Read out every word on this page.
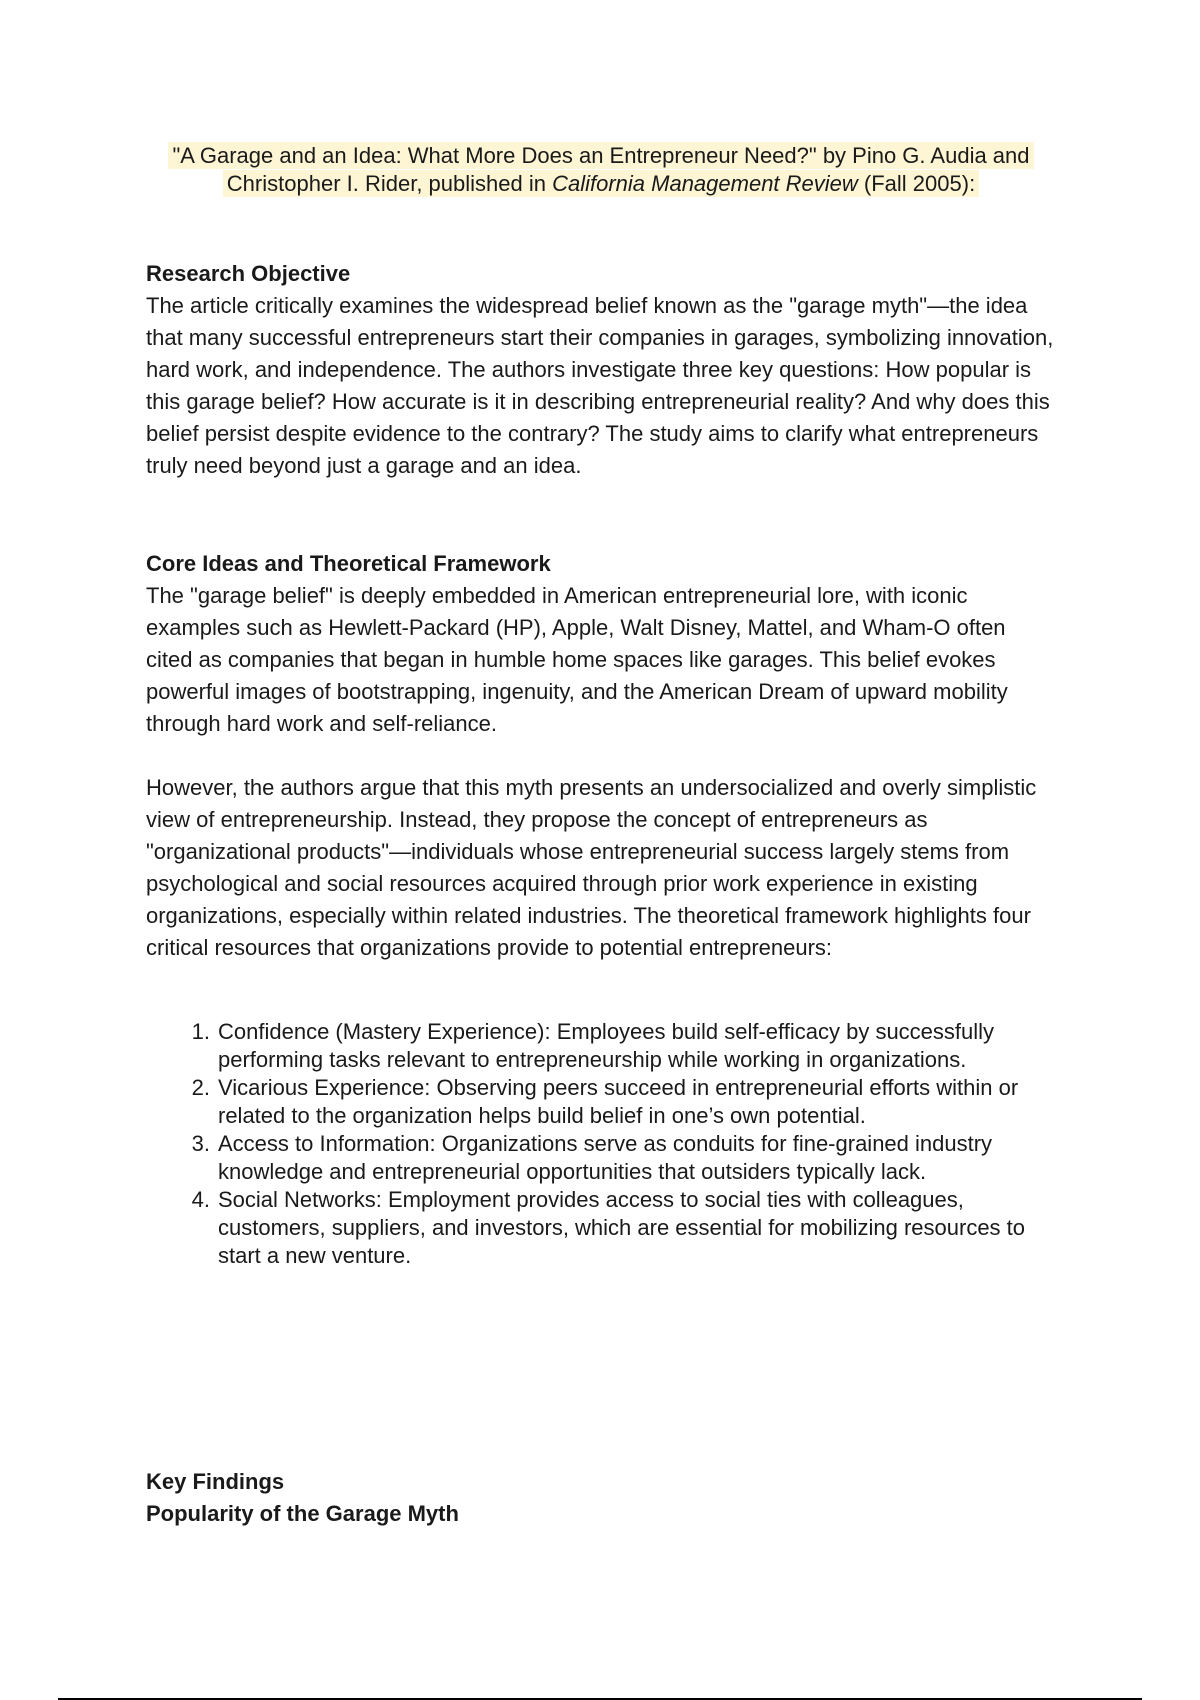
"A Garage and an Idea: What More Does an Entrepreneur Need?" by Pino G. Audia and Christopher I. Rider, published in California Management Review (Fall 2005):

Research Objective

The article critically examines the widespread belief known as the "garage myth"—the idea that many successful entrepreneurs start their companies in garages, symbolizing innovation, hard work, and independence. The authors investigate three key questions: How popular is this garage belief? How accurate is it in describing entrepreneurial reality? And why does this belief persist despite evidence to the contrary? The study aims to clarify what entrepreneurs truly need beyond just a garage and an idea.

Core Ideas and Theoretical Framework

The "garage belief" is deeply embedded in American entrepreneurial lore, with iconic examples such as Hewlett-Packard (HP), Apple, Walt Disney, Mattel, and Wham-O often cited as companies that began in humble home spaces like garages. This belief evokes powerful images of bootstrapping, ingenuity, and the American Dream of upward mobility through hard work and self-reliance.

However, the authors argue that this myth presents an undersocialized and overly simplistic view of entrepreneurship. Instead, they propose the concept of entrepreneurs as "organizational products"—individuals whose entrepreneurial success largely stems from psychological and social resources acquired through prior work experience in existing organizations, especially within related industries. The theoretical framework highlights four critical resources that organizations provide to potential entrepreneurs:

1. Confidence (Mastery Experience): Employees build self-efficacy by successfully performing tasks relevant to entrepreneurship while working in organizations.
2. Vicarious Experience: Observing peers succeed in entrepreneurial efforts within or related to the organization helps build belief in one’s own potential.
3. Access to Information: Organizations serve as conduits for fine-grained industry knowledge and entrepreneurial opportunities that outsiders typically lack.
4. Social Networks: Employment provides access to social ties with colleagues, customers, suppliers, and investors, which are essential for mobilizing resources to start a new venture.

Key Findings

Popularity of the Garage Myth
